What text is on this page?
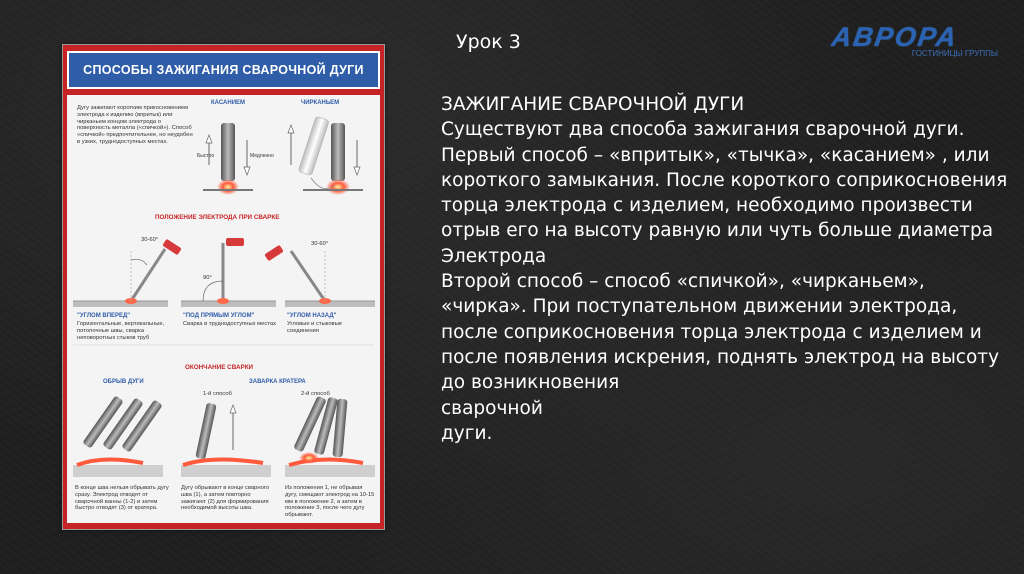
Урок 3	АВРОРА
ГОСТИНИЦЫ ГРУППЫ

ЗАЖИГАНИЕ СВАРОЧНОЙ ДУГИ

Существуют два способа зажигания сварочной дуги.

Первый способ – «впритык», «тычка», «касанием» , или короткого замыкания. После короткого соприкосновения торца электрода с изделием, необходимо произвести отрыв его на высоту равную или чуть больше диаметра Электрода

Второй способ – способ «спичкой», «чирканьем», «чирка». При поступательном движении электрода, после соприкосновения торца электрода с изделием и после появления искрения, поднять электрод на высоту до возникновения

сварочной

дуги.

СПОСОБЫ ЗАЖИГАНИЯ СВАРОЧНОЙ ДУГИ

Дугу зажигают коротким прикосновением электрода к изделию (впритык) или чирканьем концом электрода о поверхность металла («спичкой»). Способ «спичкой» предпочтительнее, но неудобен в узких, труднодоступных местах.

КАСАНИЕМ	ЧИРКАНЬЕМ

Быстро	Медленно

ПОЛОЖЕНИЕ ЭЛЕКТРОДА ПРИ СВАРКЕ

30-60°

90°

30-60°

"УГЛОМ ВПЕРЕД"

Горизонтальные, вертикальные, потолочные швы, сварка неповоротных стыков труб

"ПОД ПРЯМЫМ УГЛОМ"

Сварка в труднодоступных местах

"УГЛОМ НАЗАД"

Угловые и стыковые соединения

ОКОНЧАНИЕ СВАРКИ

ОБРЫВ ДУГИ	ЗАВАРКА КРАТЕРА

1-й способ	2-й способ

В конце шва нельзя обрывать дугу сразу. Электрод отводят от сварочной ванны (1-2) и затем быстро отводят (3) от кратера.

Дугу обрывают в конце сварного шва (1), а затем повторно зажигают (2) для формирования необходимой высоты шва.

Из положения 1, не обрывая дугу, смещают электрод на 10-15 мм в положение 2, а затем в положение 3, после чего дугу обрывают.
